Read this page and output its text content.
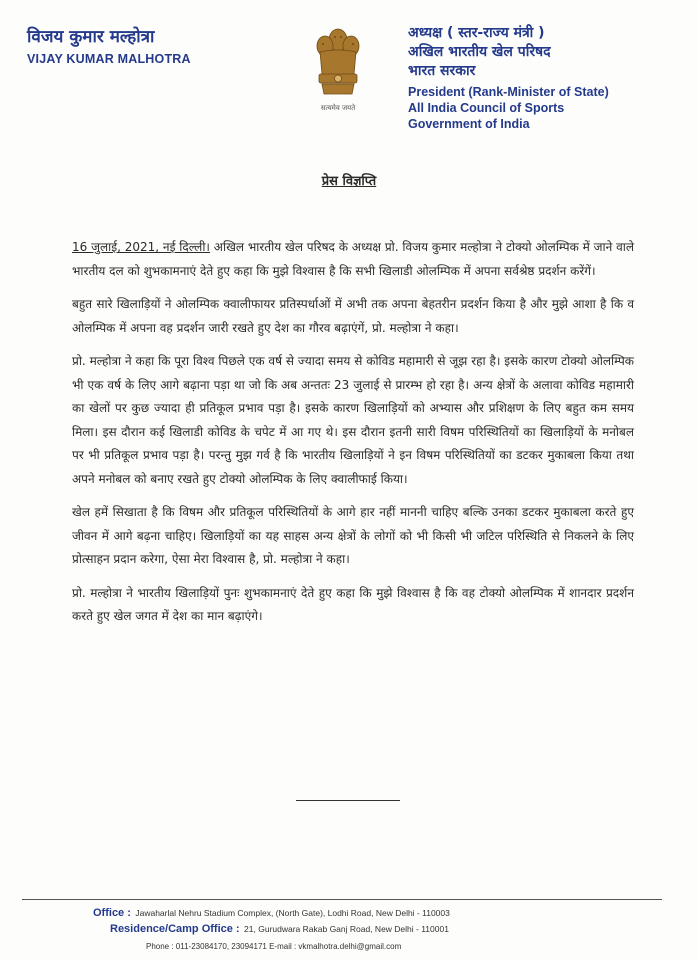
विजय कुमार मल्होत्रा
VIJAY KUMAR MALHOTRA
सत्यमेव जयते
अध्यक्ष ( स्तर-राज्य मंत्री )
अखिल भारतीय खेल परिषद
भारत सरकार
President (Rank-Minister of State)
All India Council of Sports
Government of India
प्रेस विज्ञप्ति

16 जुलाई, 2021, नई दिल्ली। अखिल भारतीय खेल परिषद के अध्यक्ष प्रो. विजय कुमार मल्होत्रा ने टोक्यो ओलम्पिक में जाने वाले भारतीय दल को शुभकामनाएं देते हुए कहा कि मुझे विश्वास है कि सभी खिलाडी ओलम्पिक में अपना सर्वश्रेष्ठ प्रदर्शन करेंगें।

बहुत सारे खिलाड़ियों ने ओलम्पिक क्वालीफायर प्रतिस्पर्धाओं में अभी तक अपना बेहतरीन प्रदर्शन किया है और मुझे आशा है कि व ओलम्पिक में अपना वह प्रदर्शन जारी रखते हुए देश का गौरव बढ़ाएंगें, प्रो. मल्होत्रा ने कहा।

प्रो. मल्होत्रा ने कहा कि पूरा विश्व पिछले एक वर्ष से ज्यादा समय से कोविड महामारी से जूझ रहा है। इसके कारण टोक्यो ओलम्पिक भी एक वर्ष के लिए आगे बढ़ाना पड़ा था जो कि अब अन्ततः 23 जुलाई से प्रारम्भ हो रहा है। अन्य क्षेत्रों के अलावा कोविड महामारी का खेलों पर कुछ ज्यादा ही प्रतिकूल प्रभाव पड़ा है। इसके कारण खिलाड़ियों को अभ्यास और प्रशिक्षण के लिए बहुत कम समय मिला। इस दौरान कई खिलाडी कोविड के चपेट में आ गए थे। इस दौरान इतनी सारी विषम परिस्थितियों का खिलाड़ियों के मनोबल पर भी प्रतिकूल प्रभाव पड़ा है। परन्तु मुझ गर्व है कि भारतीय खिलाड़ियों ने इन विषम परिस्थितियों का डटकर मुकाबला किया तथा अपने मनोबल को बनाए रखते हुए टोक्यो ओलम्पिक के लिए क्वालीफाई किया।

खेल हमें सिखाता है कि विषम और प्रतिकूल परिस्थितियों के आगे हार नहीं माननी चाहिए बल्कि उनका डटकर मुकाबला करते हुए जीवन में आगे बढ़ना चाहिए। खिलाड़ियों का यह साहस अन्य क्षेत्रों के लोगों को भी किसी भी जटिल परिस्थिति से निकलने के लिए प्रोत्साहन प्रदान करेगा, ऐसा मेरा विश्वास है, प्रो. मल्होत्रा ने कहा।

प्रो. मल्होत्रा ने भारतीय खिलाड़ियों पुनः शुभकामनाएं देते हुए कहा कि मुझे विश्वास है कि वह टोक्यो ओलम्पिक में शानदार प्रदर्शन करते हुए खेल जगत में देश का मान बढ़ाएंगे।

Office : Jawaharlal Nehru Stadium Complex, (North Gate), Lodhi Road, New Delhi - 110003
Residence/Camp Office : 21, Gurudwara Rakab Ganj Road, New Delhi - 110001
Phone : 011-23084170, 23094171 E-mail : vkmalhotra.delhi@gmail.com
